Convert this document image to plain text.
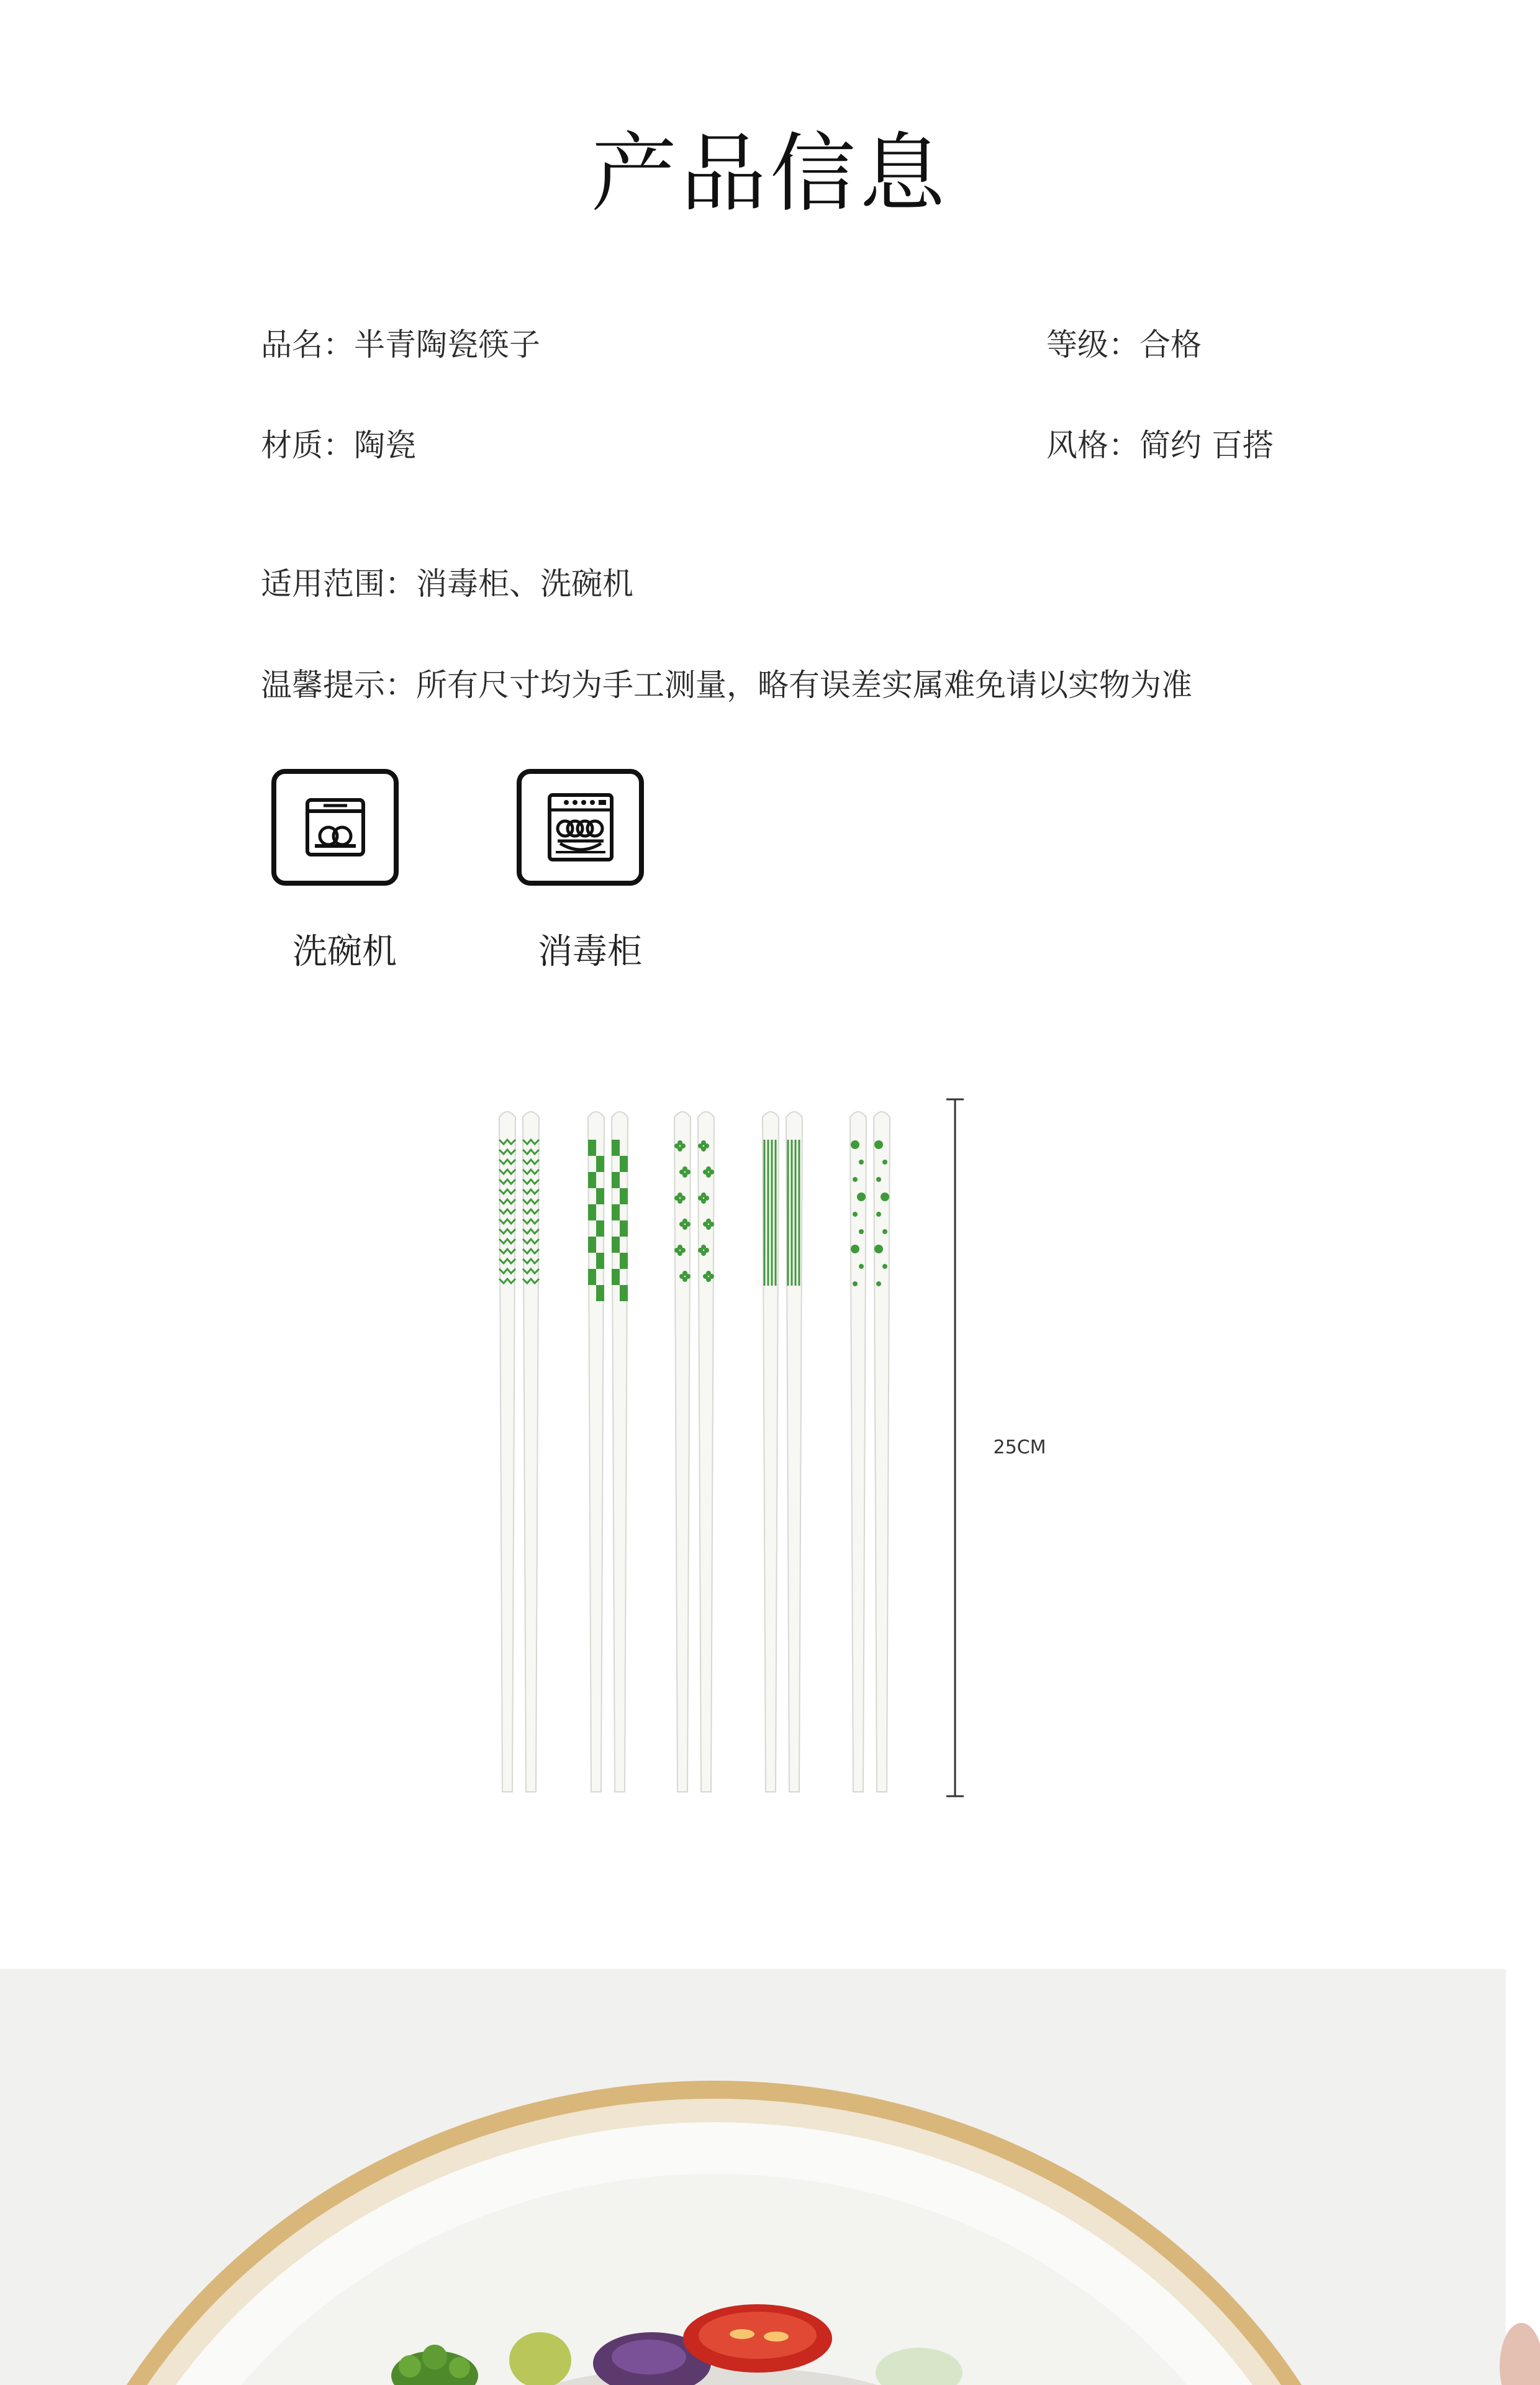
产品信息
品名：半青陶瓷筷子	等级：合格
材质：陶瓷	风格：简约 百搭
适用范围：消毒柜、洗碗机
温馨提示：所有尺寸均为手工测量，略有误差实属难免请以实物为准
洗碗机	消毒柜
25CM
